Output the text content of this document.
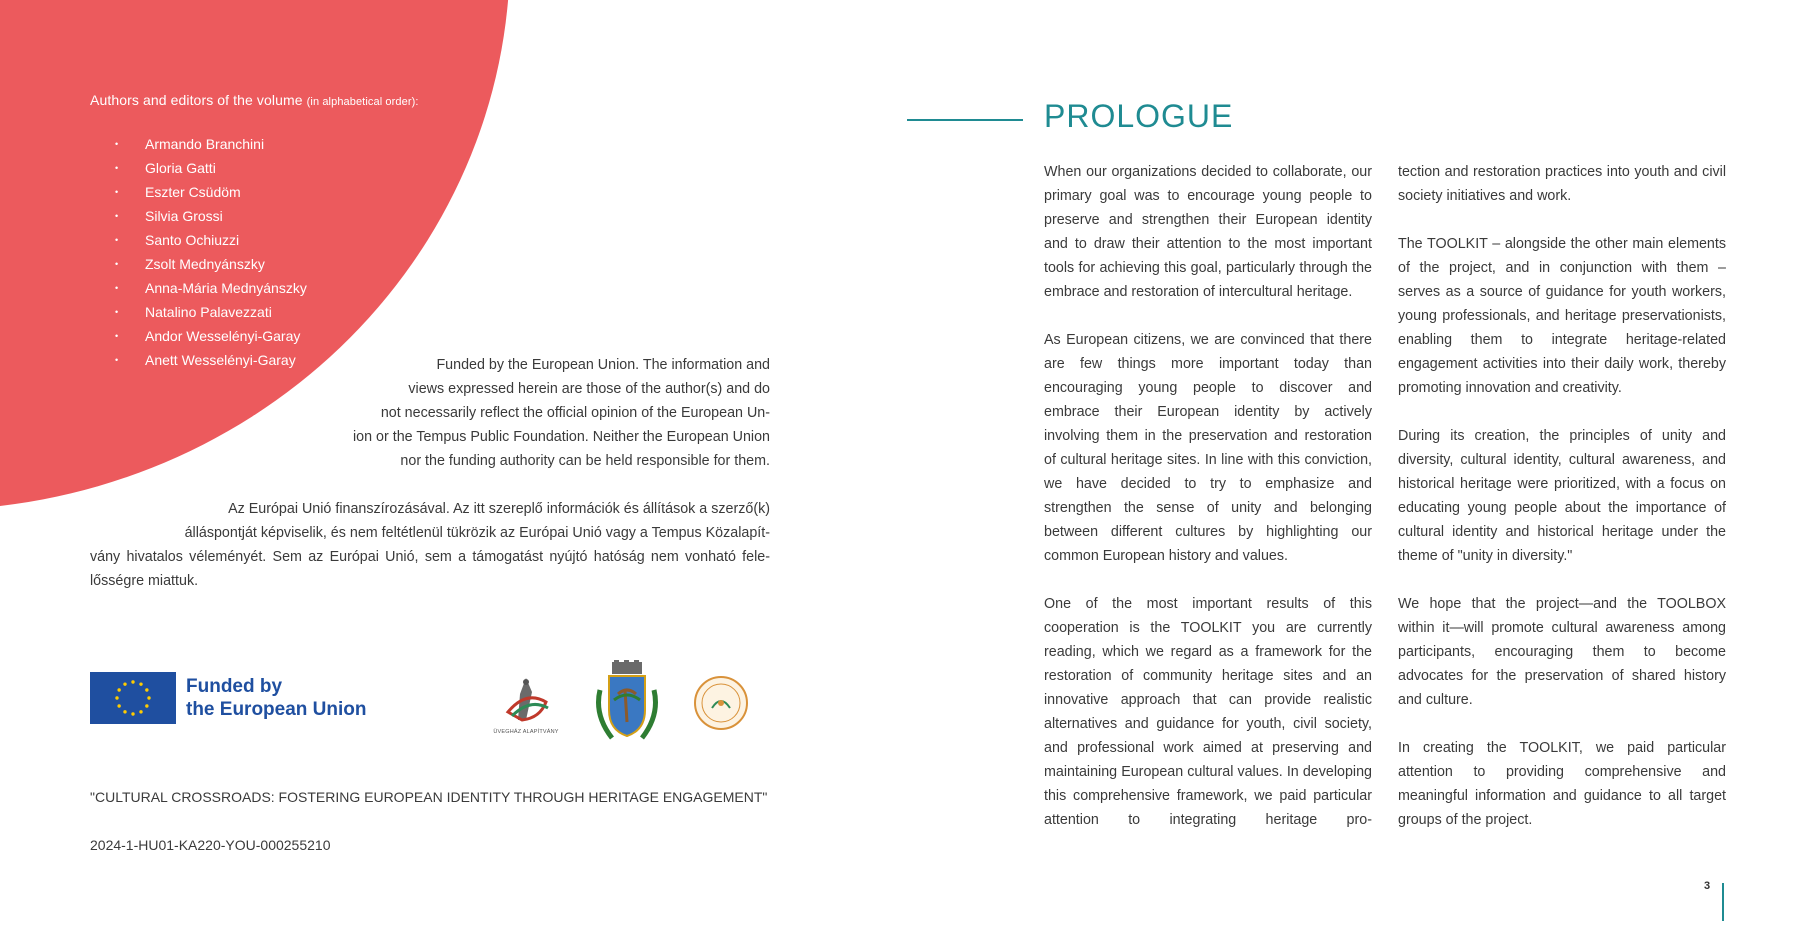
Authors and editors of the volume (in alphabetical order):
• Armando Branchini
• Gloria Gatti
• Eszter Csüdöm
• Silvia Grossi
• Santo Ochiuzzi
• Zsolt Mednyánszky
• Anna-Mária Mednyánszky
• Natalino Palavezzati
• Andor Wesselényi-Garay
• Anett Wesselényi-Garay	Funded by the European Union. The information and
views expressed herein are those of the author(s) and do
not necessarily reflect the official opinion of the European Un-
ion or the Tempus Public Foundation. Neither the European Union
nor the funding authority can be held responsible for them.
Az Európai Unió finanszírozásával. Az itt szereplő információk és állítások a szerző(k)
álláspontját képviselik, és nem feltétlenül tükrözik az Európai Unió vagy a Tempus Közalapít-
vány hivatalos véleményét. Sem az Európai Unió, sem a támogatást nyújtó hatóság nem vonható fele-
lősségre miattuk.
Funded by
the European Union
ÜVEGHÁZ ALAPÍTVÁNY
"CULTURAL CROSSROADS: FOSTERING EUROPEAN IDENTITY THROUGH HERITAGE ENGAGEMENT"
2024-1-HU01-KA220-YOU-000255210
PROLOGUE

When our organizations decided to collaborate, our primary goal was to encourage young people to preserve and strengthen their European identity and to draw their attention to the most important tools for achieving this goal, particularly through the embrace and restoration of intercultural heritage.

As European citizens, we are convinced that there are few things more important today than encouraging young people to discover and embrace their European identity by actively involving them in the preservation and restoration of cultural heritage sites. In line with this conviction, we have decided to try to emphasize and strengthen the sense of unity and belonging between different cultures by highlighting our common European history and values.

One of the most important results of this cooperation is the TOOLKIT you are currently reading, which we regard as a framework for the restoration of community heritage sites and an innovative approach that can provide realistic alternatives and guidance for youth, civil society, and professional work aimed at preserving and maintaining European cultural values. In developing this comprehensive framework, we paid particular attention to integrating heritage pro-

tection and restoration practices into youth and civil society initiatives and work.

The TOOLKIT – alongside the other main elements of the project, and in conjunction with them – serves as a source of guidance for youth workers, young professionals, and heritage preservationists, enabling them to integrate heritage-related engagement activities into their daily work, thereby promoting innovation and creativity.

During its creation, the principles of unity and diversity, cultural identity, cultural awareness, and historical heritage were prioritized, with a focus on educating young people about the importance of cultural identity and historical heritage under the theme of "unity in diversity."

We hope that the project—and the TOOLBOX within it—will promote cultural awareness among participants, encouraging them to become advocates for the preservation of shared history and culture.

In creating the TOOLKIT, we paid particular attention to providing comprehensive and meaningful information and guidance to all target groups of the project.

3
